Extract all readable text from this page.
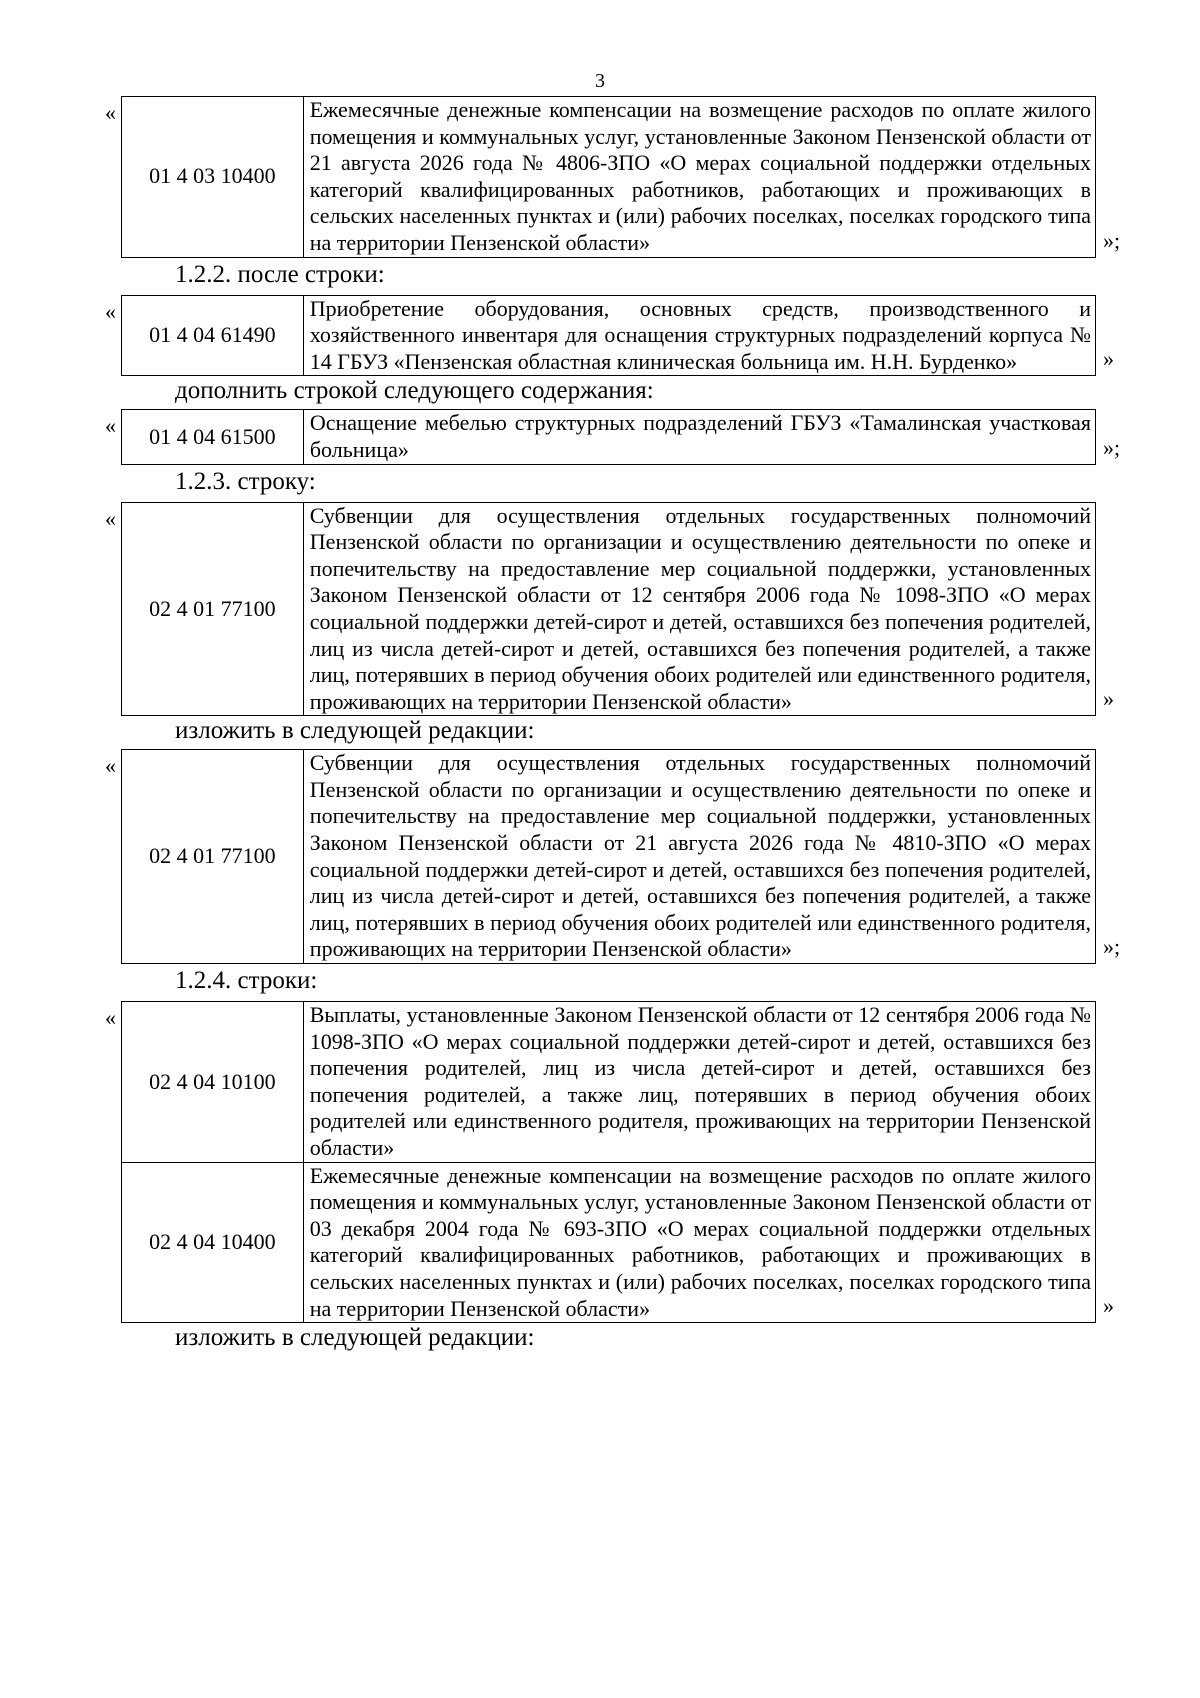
3
«
01 4 03 10400	Ежемесячные денежные компенсации на возмещение расходов по оплате жилого помещения и коммунальных услуг, установленные Законом Пензенской области от 21 августа 2026 года № 4806-ЗПО «О мерах социальной поддержки отдельных категорий квалифицированных работников, работающих и проживающих в сельских населенных пунктах и (или) рабочих поселках, поселках городского типа на территории Пензенской области»	»;
1.2.2. после строки:
«
01 4 04 61490	Приобретение оборудования, основных средств, производственного и хозяйственного инвентаря для оснащения структурных подразделений корпуса № 14 ГБУЗ «Пензенская областная клиническая больница им. Н.Н. Бурденко»	»
дополнить строкой следующего содержания:
« 01 4 04 61500	Оснащение мебелью структурных подразделений ГБУЗ «Тамалинская участковая больница»	»;
1.2.3. строку:
«
02 4 01 77100	Субвенции для осуществления отдельных государственных полномочий Пензенской области по организации и осуществлению деятельности по опеке и попечительству на предоставление мер социальной поддержки, установленных Законом Пензенской области от 12 сентября 2006 года № 1098-ЗПО «О мерах социальной поддержки детей-сирот и детей, оставшихся без попечения родителей, лиц из числа детей-сирот и детей, оставшихся без попечения родителей, а также лиц, потерявших в период обучения обоих родителей или единственного родителя, проживающих на территории Пензенской области»	»
изложить в следующей редакции:
«
02 4 01 77100	Субвенции для осуществления отдельных государственных полномочий Пензенской области по организации и осуществлению деятельности по опеке и попечительству на предоставление мер социальной поддержки, установленных Законом Пензенской области от 21 августа 2026 года № 4810-ЗПО «О мерах социальной поддержки детей-сирот и детей, оставшихся без попечения родителей, лиц из числа детей-сирот и детей, оставшихся без попечения родителей, а также лиц, потерявших в период обучения обоих родителей или единственного родителя, проживающих на территории Пензенской области»	»;
1.2.4. строки:
«
02 4 04 10100	Выплаты, установленные Законом Пензенской области от 12 сентября 2006 года № 1098-ЗПО «О мерах социальной поддержки детей-сирот и детей, оставшихся без попечения родителей, лиц из числа детей-сирот и детей, оставшихся без попечения родителей, а также лиц, потерявших в период обучения обоих родителей или единственного родителя, проживающих на территории Пензенской области»
02 4 04 10400	Ежемесячные денежные компенсации на возмещение расходов по оплате жилого помещения и коммунальных услуг, установленные Законом Пензенской области от 03 декабря 2004 года № 693-ЗПО «О мерах социальной поддержки отдельных категорий квалифицированных работников, работающих и проживающих в сельских населенных пунктах и (или) рабочих поселках, поселках городского типа на территории Пензенской области»	»
изложить в следующей редакции:
